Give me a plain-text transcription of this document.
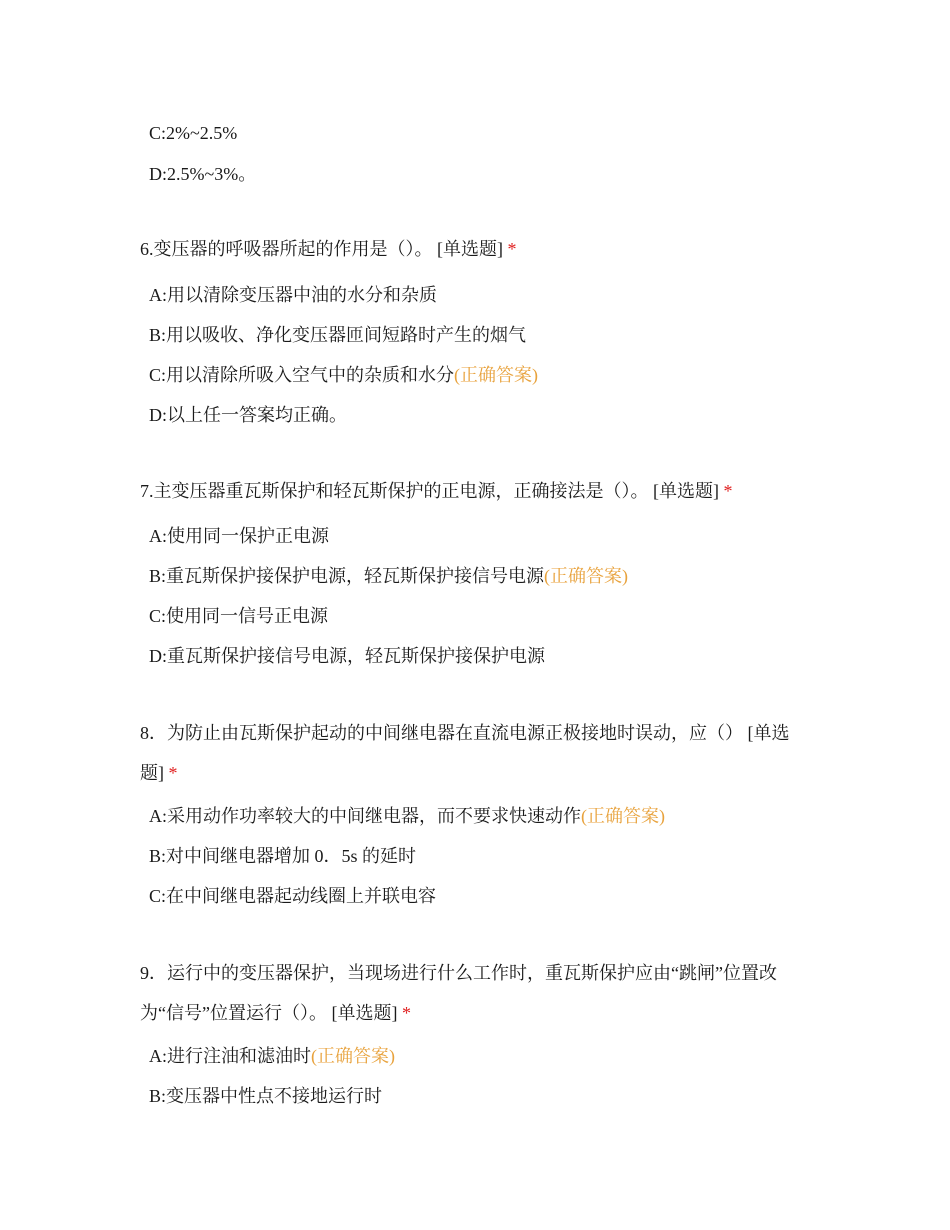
C:2%~2.5%
D:2.5%~3%。
6.变压器的呼吸器所起的作用是（）。 [单选题] *
A:用以清除变压器中油的水分和杂质
B:用以吸收、净化变压器匝间短路时产生的烟气
C:用以清除所吸入空气中的杂质和水分(正确答案)
D:以上任一答案均正确。
7.主变压器重瓦斯保护和轻瓦斯保护的正电源，正确接法是（）。 [单选题] *
A:使用同一保护正电源
B:重瓦斯保护接保护电源，轻瓦斯保护接信号电源(正确答案)
C:使用同一信号正电源
D:重瓦斯保护接信号电源，轻瓦斯保护接保护电源
8．为防止由瓦斯保护起动的中间继电器在直流电源正极接地时误动，应（） [单选题] *
A:采用动作功率较大的中间继电器，而不要求快速动作(正确答案)
B:对中间继电器增加 0．5s 的延时
C:在中间继电器起动线圈上并联电容
9．运行中的变压器保护，当现场进行什么工作时，重瓦斯保护应由“跳闸”位置改为“信号”位置运行（）。 [单选题] *
A:进行注油和滤油时(正确答案)
B:变压器中性点不接地运行时
